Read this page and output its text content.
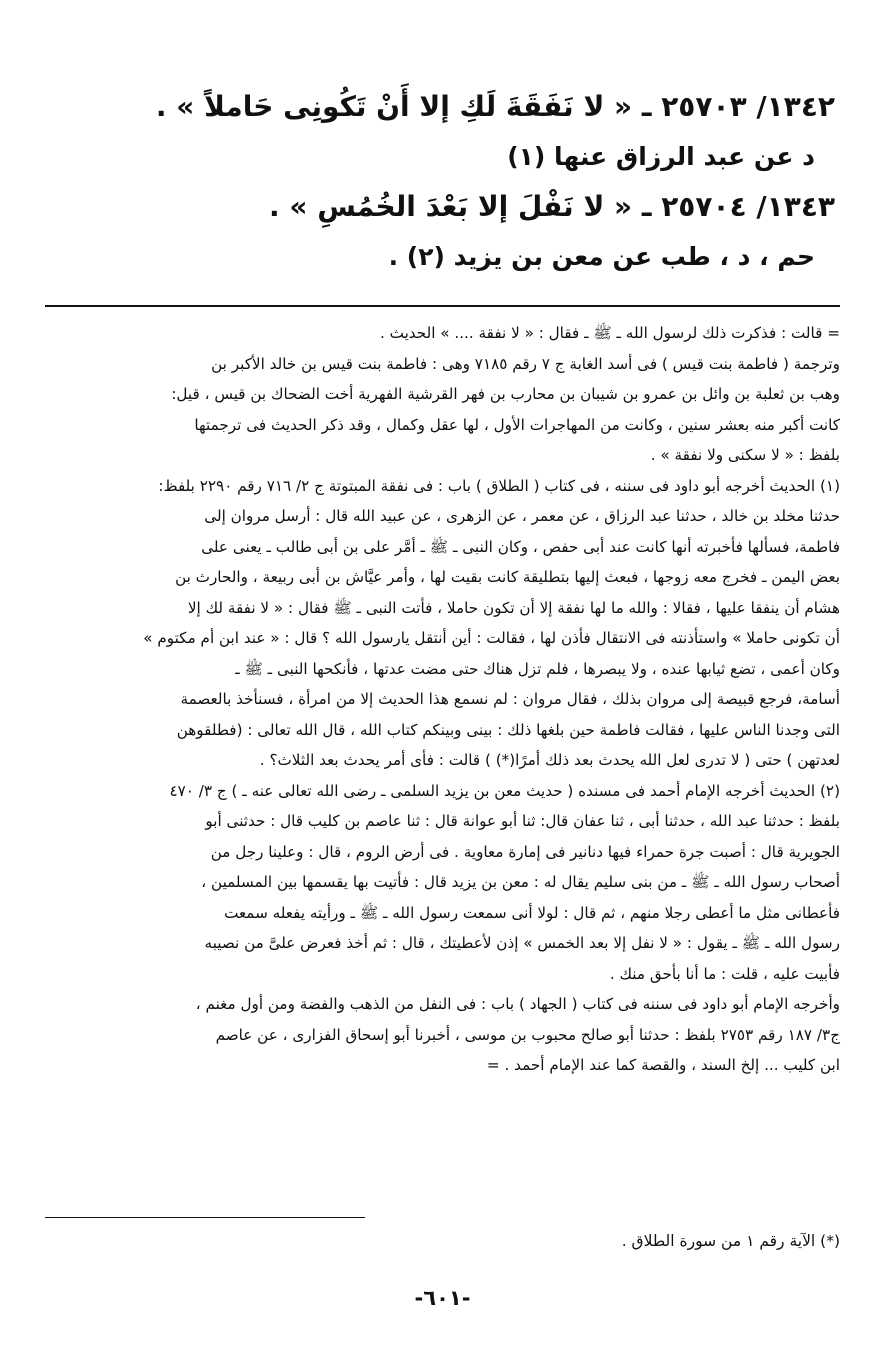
١٣٤٢/ ٢٥٧٠٣ ـ « لا نَفَقَةَ لَكِ إلا أَنْ تَكُونِى حَاملاً » .

د عن عبد الرزاق عنها (١)

١٣٤٣/ ٢٥٧٠٤ ـ « لا نَفْلَ إلا بَعْدَ الخُمُسِ » .

حم ، د ، طب عن معن بن يزيد (٢) .

= قالت : فذكرت ذلك لرسول الله ـ ﷺ ـ فقال : « لا نفقة .... » الحديث .

وترجمة ( فاطمة بنت قيس ) فى أسد الغابة ج ٧ رقم ٧١٨٥ وهى : فاطمة بنت قيس بن خالد الأكبر بن

وهب بن ثعلبة بن وائل بن عمرو بن شيبان بن محارب بن فهر القرشية الفهرية أخت الضحاك بن قيس ، قيل:

كانت أكبر منه بعشر سنين ، وكانت من المهاجرات الأول ، لها عقل وكمال ، وقد ذكر الحديث فى ترجمتها

بلفظ : « لا سكنى ولا نفقة » .

(١) الحديث أخرجه أبو داود فى سننه ، فى كتاب ( الطلاق ) باب : فى نفقة المبتوتة ج ٢/ ٧١٦ رقم ٢٢٩٠ بلفظ:

حدثنا مخلد بن خالد ، حدثنا عبد الرزاق ، عن معمر ، عن الزهرى ، عن عبيد الله قال : أرسل مروان إلى

فاطمة، فسألها فأخبرته أنها كانت عند أبى حفص ، وكان النبى ـ ﷺ ـ أمَّر على بن أبى طالب ـ يعنى على

بعض اليمن ـ فخرج معه زوجها ، فبعث إليها بتطليقة كانت بقيت لها ، وأمر عيَّاش بن أبى ربيعة ، والحارث بن

هشام أن ينفقا عليها ، فقالا : والله ما لها نفقة إلا أن تكون حاملا ، فأتت النبى ـ ﷺ فقال : « لا نفقة لك إلا

أن تكونى حاملا » واستأذنته فى الانتقال فأذن لها ، فقالت : أين أنتقل يارسول الله ؟ قال : « عند ابن أم مكتوم »

وكان أعمى ، تضع ثيابها عنده ، ولا يبصرها ، فلم تزل هناك حتى مضت عدتها ، فأنكحها النبى ـ ﷺ ـ

أسامة، فرجع قبيصة إلى مروان بذلك ، فقال مروان : لم نسمع هذا الحديث إلا من امرأة ، فسنأخذ بالعصمة

التى وجدنا الناس عليها ، فقالت فاطمة حين بلغها ذلك : بينى وبينكم كتاب الله ، قال الله تعالى : (فطلقوهن

لعدتهن ) حتى ( لا تدرى لعل الله يحدث بعد ذلك أمرًا(*) ) قالت : فأى أمر يحدث بعد الثلاث؟ .

(٢) الحديث أخرجه الإمام أحمد فى مسنده ( حديث معن بن يزيد السلمى ـ رضى الله تعالى عنه ـ ) ج ٣/ ٤٧٠

بلفظ : حدثنا عبد الله ، حدثنا أبى ، ثنا عفان قال: ثنا أبو عوانة قال : ثنا عاصم بن كليب قال : حدثنى أبو

الجويرية قال : أصبت جرة حمراء فيها دنانير فى إمارة معاوية . فى أرض الروم ، قال : وعلينا رجل من

أصحاب رسول الله ـ ﷺ ـ من بنى سليم يقال له : معن بن يزيد قال : فأتيت بها يقسمها بين المسلمين ،

فأعطانى مثل ما أعطى رجلا منهم ، ثم قال : لولا أنى سمعت رسول الله ـ ﷺ ـ ورأيته يفعله سمعت

رسول الله ـ ﷺ ـ يقول : « لا نفل إلا بعد الخمس » إذن لأعطيتك ، قال : ثم أخذ فعرض علىَّ من نصيبه

فأبيت عليه ، قلت : ما أنا بأحق منك .

وأخرجه الإمام أبو داود فى سننه فى كتاب ( الجهاد ) باب : فى النفل من الذهب والفضة ومن أول مغنم ،

ج٣/ ١٨٧ رقم ٢٧٥٣ بلفظ : حدثنا أبو صالح محبوب بن موسى ، أخبرنا أبو إسحاق الفزارى ، عن عاصم

ابن كليب ... إلخ السند ، والقصة كما عند الإمام أحمد . =

(*) الآية رقم ١ من سورة الطلاق .
-٦٠١-
